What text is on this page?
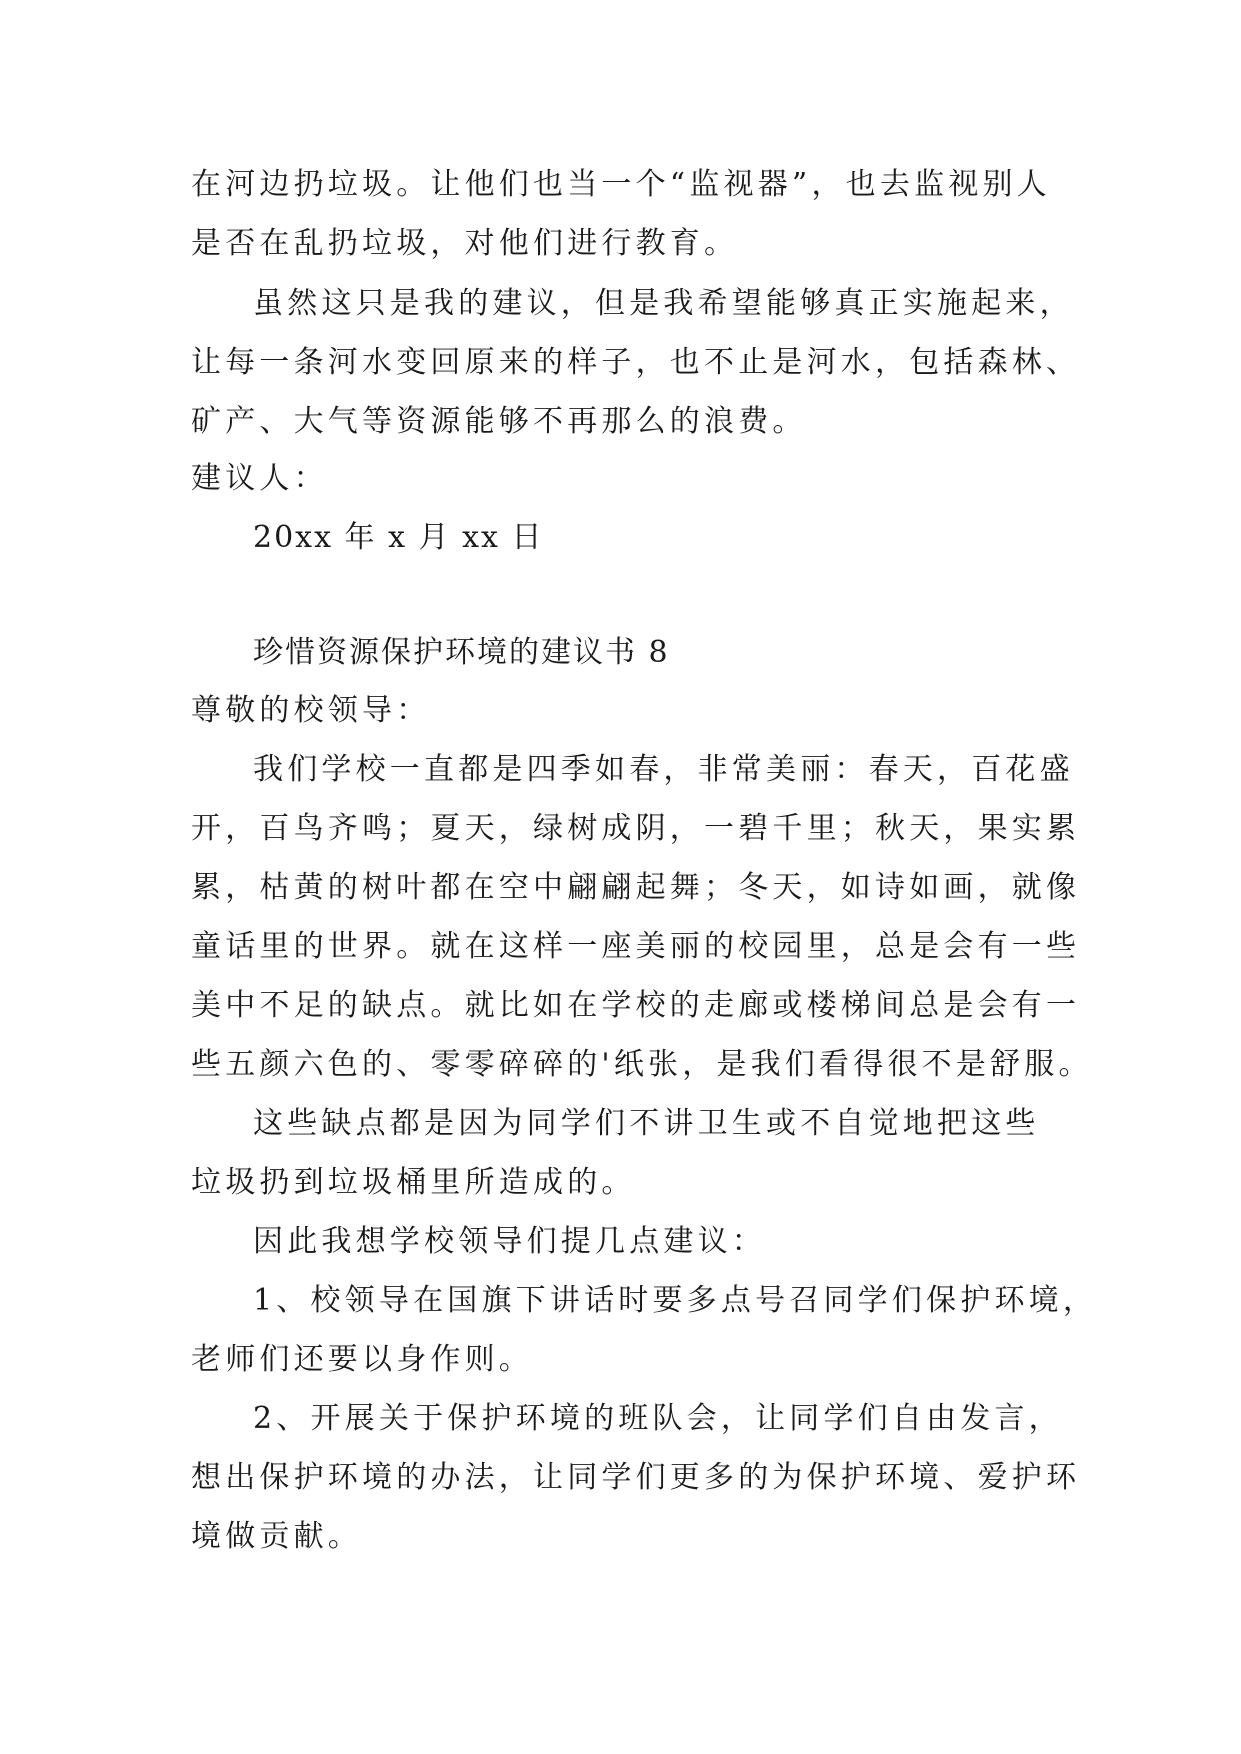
在河边扔垃圾。让他们也当一个“监视器”，也去监视别人
是否在乱扔垃圾，对他们进行教育。
虽然这只是我的建议，但是我希望能够真正实施起来，
让每一条河水变回原来的样子，也不止是河水，包括森林、
矿产、大气等资源能够不再那么的浪费。
建议人：
20xx 年 x 月 xx 日
珍惜资源保护环境的建议书 8
尊敬的校领导：
我们学校一直都是四季如春，非常美丽：春天，百花盛
开，百鸟齐鸣；夏天，绿树成阴，一碧千里；秋天，果实累
累，枯黄的树叶都在空中翩翩起舞；冬天，如诗如画，就像
童话里的世界。就在这样一座美丽的校园里，总是会有一些
美中不足的缺点。就比如在学校的走廊或楼梯间总是会有一
些五颜六色的、零零碎碎的'纸张，是我们看得很不是舒服。
这些缺点都是因为同学们不讲卫生或不自觉地把这些
垃圾扔到垃圾桶里所造成的。
因此我想学校领导们提几点建议：
1、校领导在国旗下讲话时要多点号召同学们保护环境，
老师们还要以身作则。
2、开展关于保护环境的班队会，让同学们自由发言，
想出保护环境的办法，让同学们更多的为保护环境、爱护环
境做贡献。
